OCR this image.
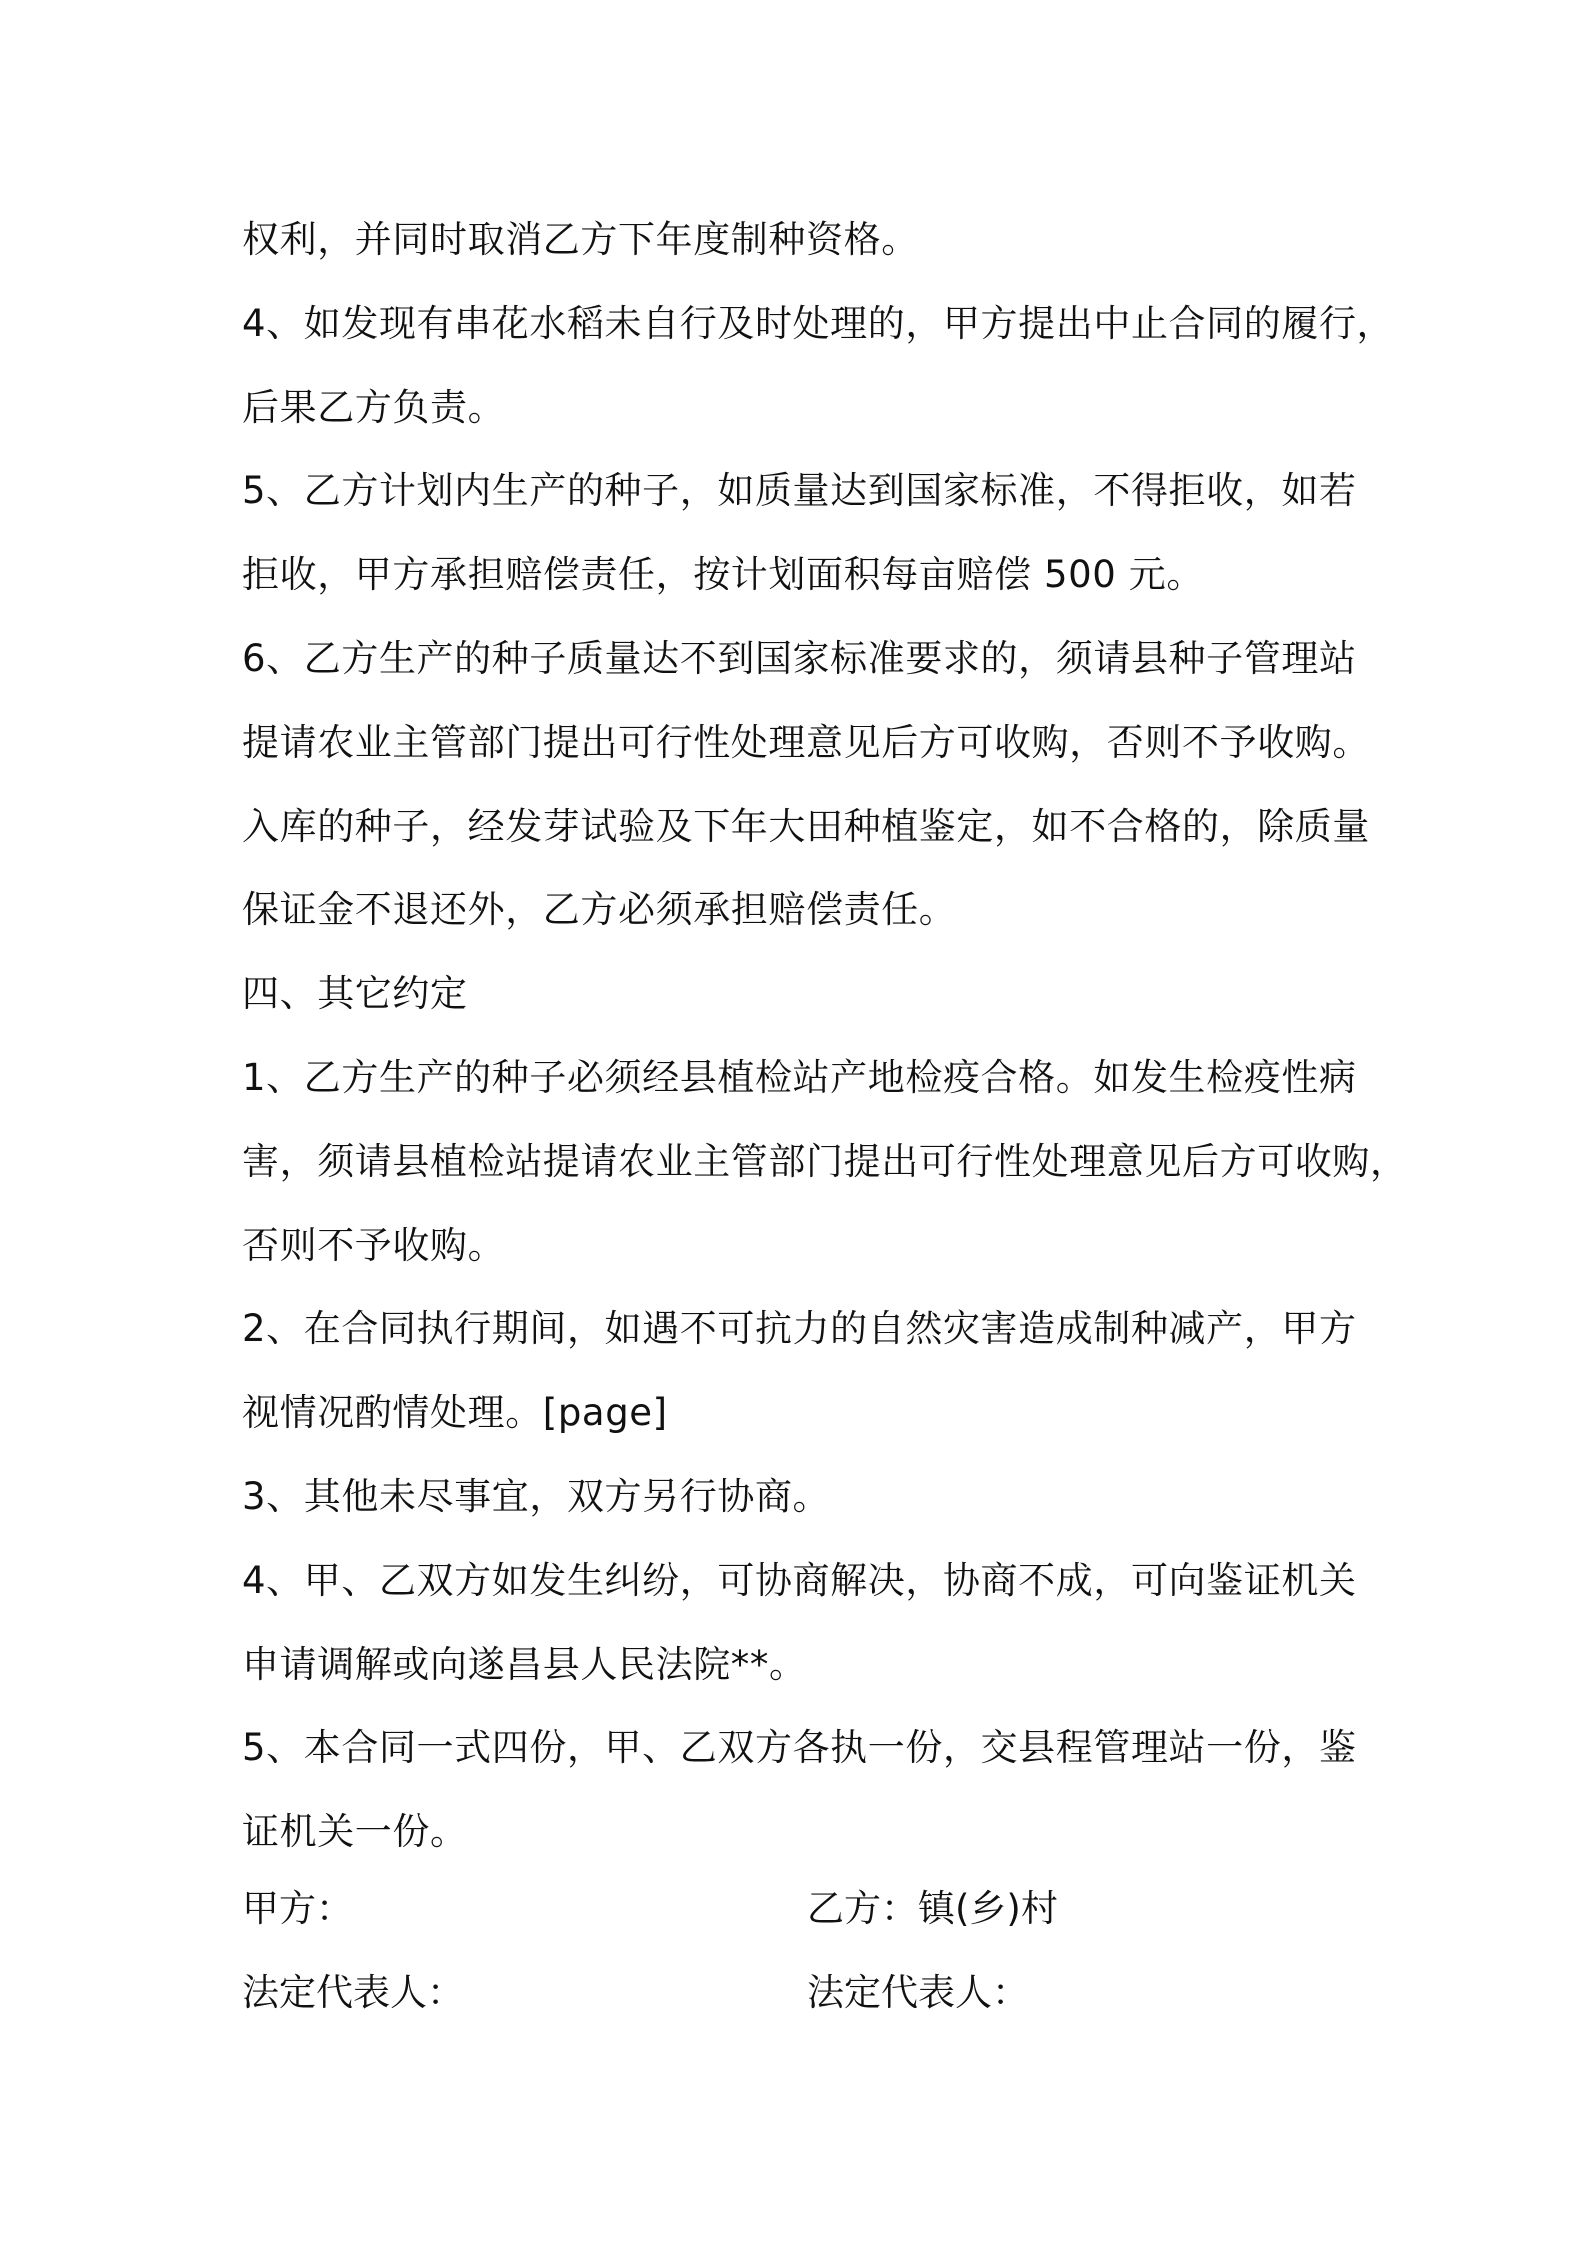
权利，并同时取消乙方下年度制种资格。
4、如发现有串花水稻未自行及时处理的，甲方提出中止合同的履行，
后果乙方负责。
5、乙方计划内生产的种子，如质量达到国家标准，不得拒收，如若
拒收，甲方承担赔偿责任，按计划面积每亩赔偿 500 元。
6、乙方生产的种子质量达不到国家标准要求的，须请县种子管理站
提请农业主管部门提出可行性处理意见后方可收购，否则不予收购。
入库的种子，经发芽试验及下年大田种植鉴定，如不合格的，除质量
保证金不退还外，乙方必须承担赔偿责任。
四、其它约定
1、乙方生产的种子必须经县植检站产地检疫合格。如发生检疫性病
害，须请县植检站提请农业主管部门提出可行性处理意见后方可收购，
否则不予收购。
2、在合同执行期间，如遇不可抗力的自然灾害造成制种减产，甲方
视情况酌情处理。[page]
3、其他未尽事宜，双方另行协商。
4、甲、乙双方如发生纠纷，可协商解决，协商不成，可向鉴证机关
申请调解或向遂昌县人民法院**。
5、本合同一式四份，甲、乙双方各执一份，交县程管理站一份，鉴
证机关一份。
甲方：	乙方：镇(乡)村
法定代表人：	法定代表人：
